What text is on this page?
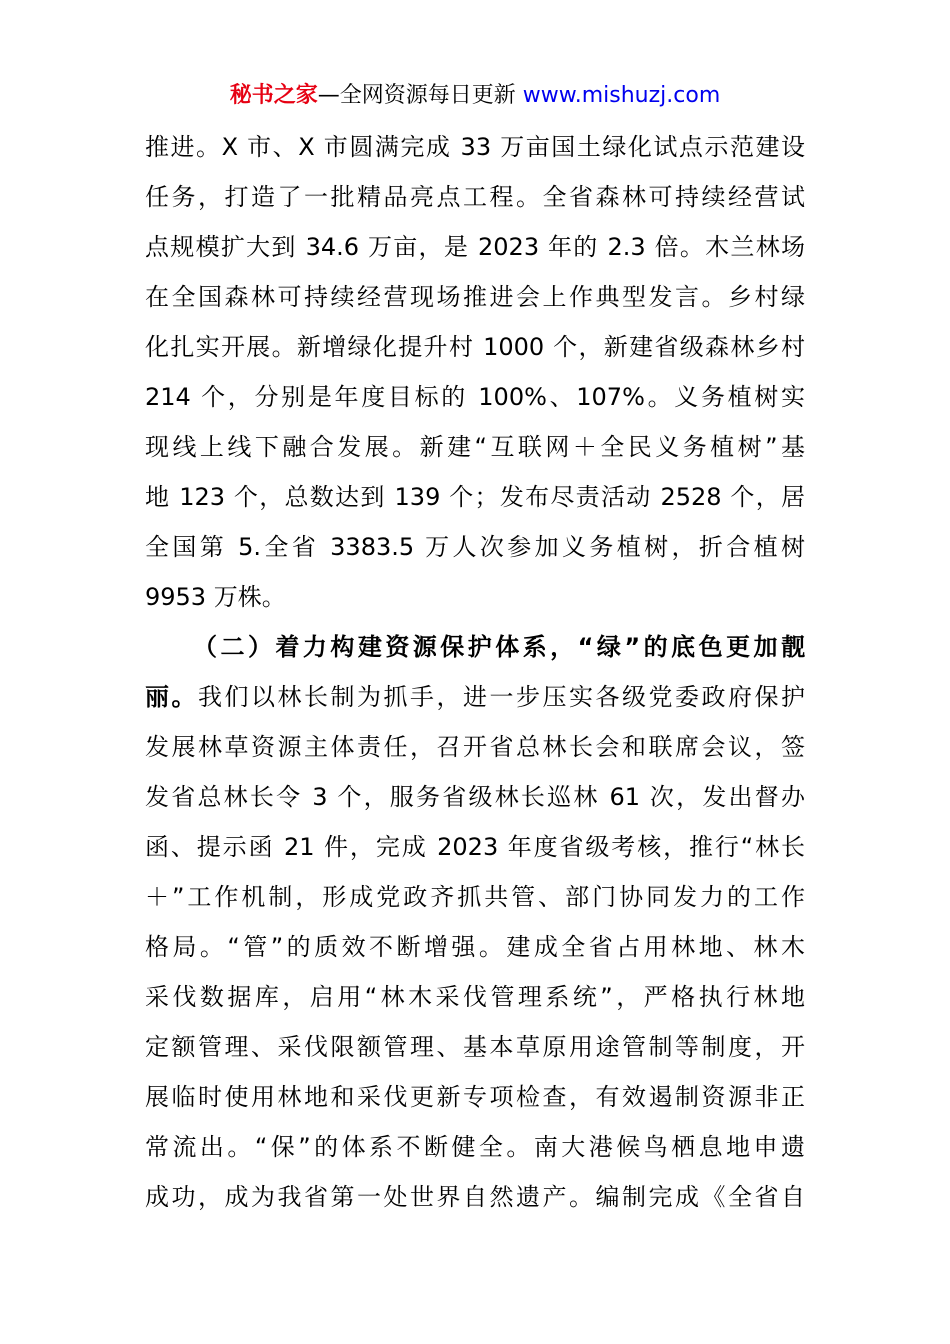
秘书之家—全网资源每日更新 www.mishuzj.com
推进。X 市、X 市圆满完成 33 万亩国土绿化试点示范建设
任务，打造了一批精品亮点工程。全省森林可持续经营试
点规模扩大到 34.6 万亩，是 2023 年的 2.3 倍。木兰林场
在全国森林可持续经营现场推进会上作典型发言。乡村绿
化扎实开展。新增绿化提升村 1000 个，新建省级森林乡村
214 个，分别是年度目标的 100%、107%。义务植树实
现线上线下融合发展。新建“互联网＋全民义务植树”基
地 123 个，总数达到 139 个；发布尽责活动 2528 个，居
全国第 5.全省 3383.5 万人次参加义务植树，折合植树
9953 万株。
（二）着力构建资源保护体系，“绿”的底色更加靓
丽。我们以林长制为抓手，进一步压实各级党委政府保护
发展林草资源主体责任，召开省总林长会和联席会议，签
发省总林长令 3 个，服务省级林长巡林 61 次，发出督办
函、提示函 21 件，完成 2023 年度省级考核，推行“林长
＋”工作机制，形成党政齐抓共管、部门协同发力的工作
格局。“管”的质效不断增强。建成全省占用林地、林木
采伐数据库，启用“林木采伐管理系统”，严格执行林地
定额管理、采伐限额管理、基本草原用途管制等制度，开
展临时使用林地和采伐更新专项检查，有效遏制资源非正
常流出。“保”的体系不断健全。南大港候鸟栖息地申遗
成功，成为我省第一处世界自然遗产。编制完成《全省自
